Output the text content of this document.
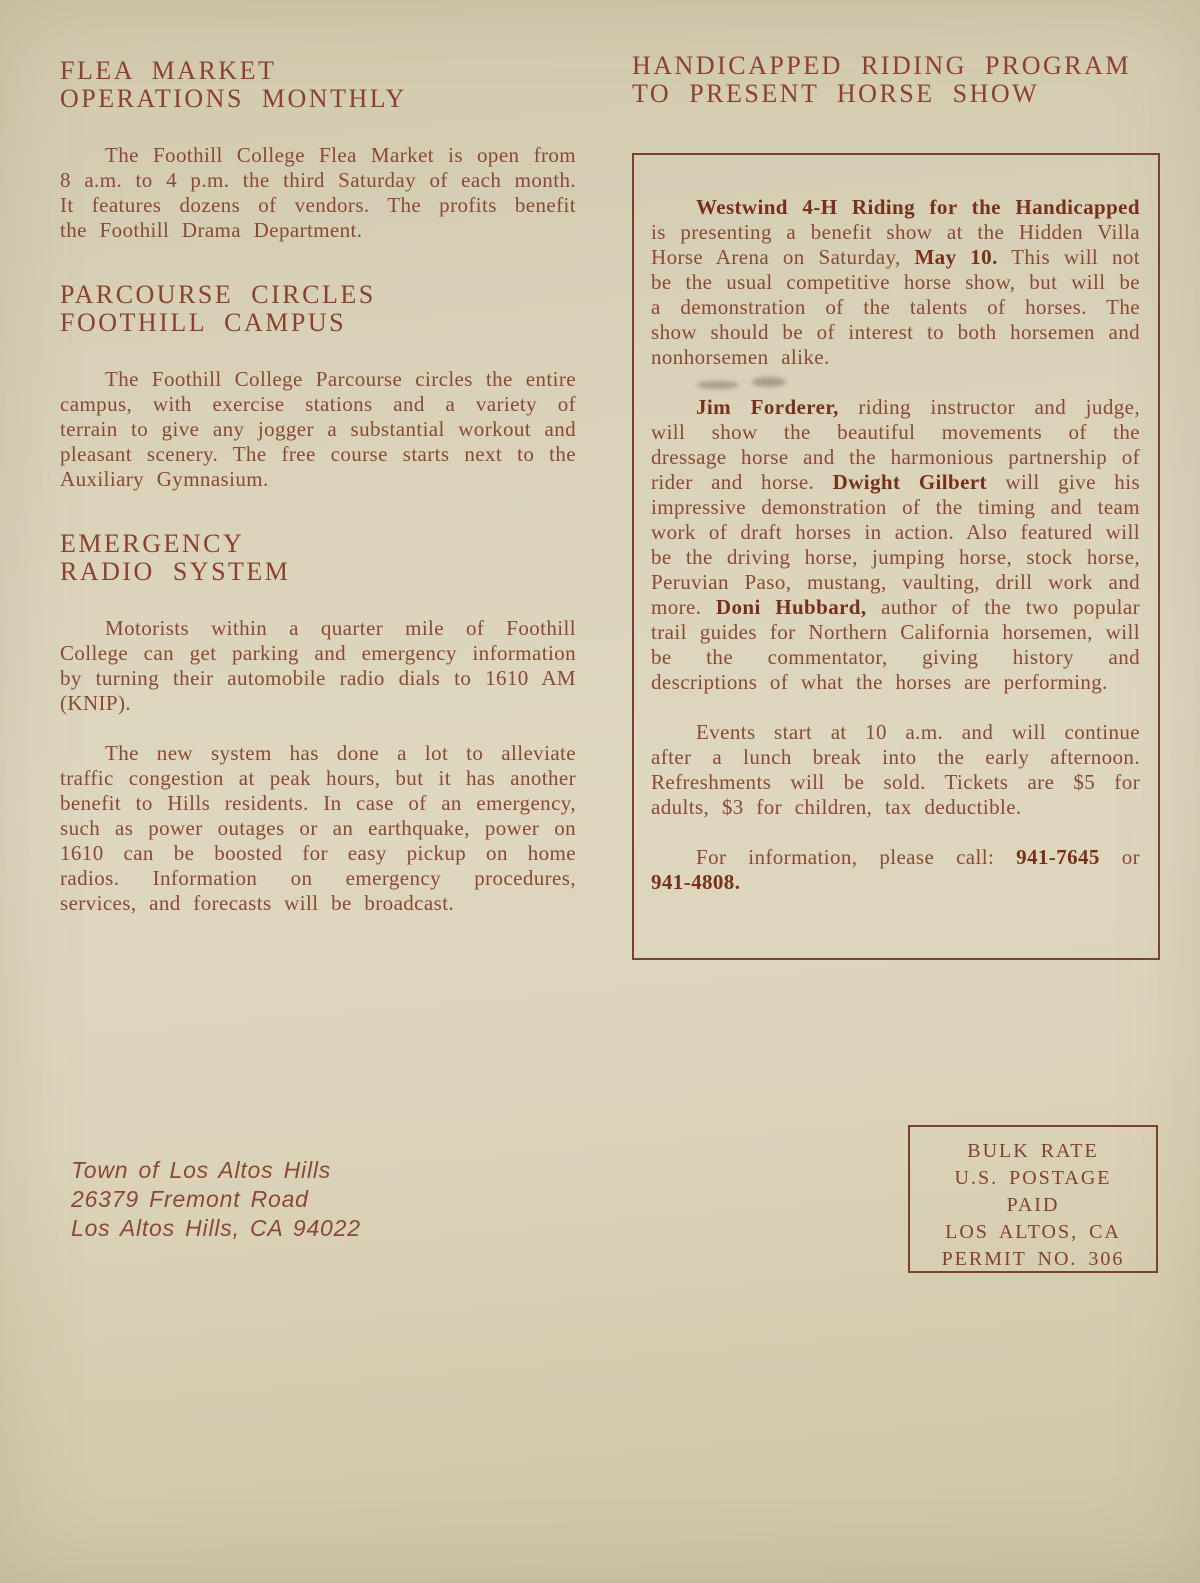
FLEA MARKET
OPERATIONS MONTHLY

The Foothill College Flea Market is open from 8 a.m. to 4 p.m. the third Saturday of each month. It features dozens of vendors. The profits benefit the Foothill Drama Department.

PARCOURSE CIRCLES
FOOTHILL CAMPUS

The Foothill College Parcourse circles the entire campus, with exercise stations and a variety of terrain to give any jogger a substantial workout and pleasant scenery. The free course starts next to the Auxiliary Gymnasium.

EMERGENCY
RADIO SYSTEM

Motorists within a quarter mile of Foothill College can get parking and emergency information by turning their automobile radio dials to 1610 AM (KNIP).

The new system has done a lot to alleviate traffic congestion at peak hours, but it has another benefit to Hills residents. In case of an emergency, such as power outages or an earthquake, power on 1610 can be boosted for easy pickup on home radios. Information on emergency procedures, services, and forecasts will be broadcast.

HANDICAPPED RIDING PROGRAM
TO PRESENT HORSE SHOW

Westwind 4-H Riding for the Handicapped is presenting a benefit show at the Hidden Villa Horse Arena on Saturday, May 10. This will not be the usual competitive horse show, but will be a demonstration of the talents of horses. The show should be of interest to both horsemen and nonhorsemen alike.

Jim Forderer, riding instructor and judge, will show the beautiful movements of the dressage horse and the harmonious partnership of rider and horse. Dwight Gilbert will give his impressive demonstration of the timing and team work of draft horses in action. Also featured will be the driving horse, jumping horse, stock horse, Peruvian Paso, mustang, vaulting, drill work and more. Doni Hubbard, author of the two popular trail guides for Northern California horsemen, will be the commentator, giving history and descriptions of what the horses are performing.

Events start at 10 a.m. and will continue after a lunch break into the early afternoon. Refreshments will be sold. Tickets are $5 for adults, $3 for children, tax deductible.

For information, please call: 941-7645 or 941-4808.

Town of Los Altos Hills
26379 Fremont Road
Los Altos Hills, CA 94022
BULK RATE
U.S. POSTAGE
PAID
LOS ALTOS, CA
PERMIT NO. 306
